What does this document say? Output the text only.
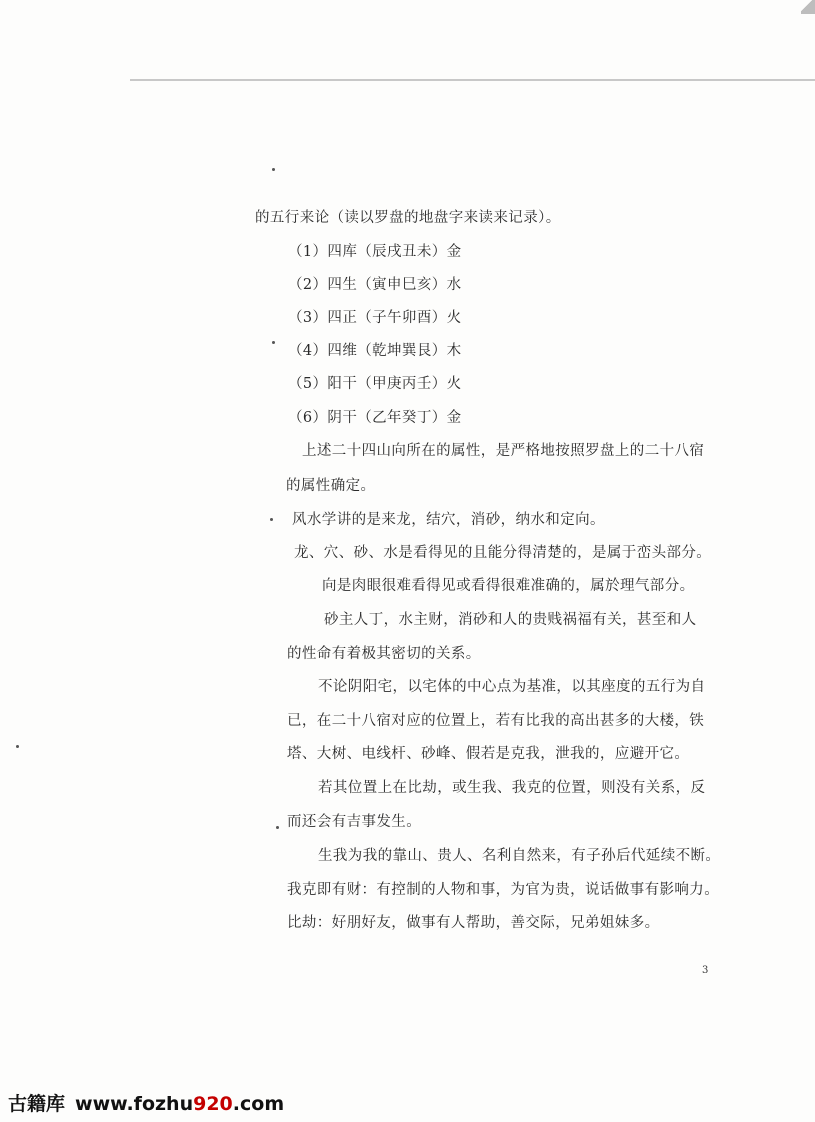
的五行来论（读以罗盘的地盘字来读来记录）。
（1）四库（辰戌丑未）金
（2）四生（寅申巳亥）水
（3）四正（子午卯酉）火
（4）四维（乾坤巽艮）木
（5）阳干（甲庚丙壬）火
（6）阴干（乙年癸丁）金
上述二十四山向所在的属性，是严格地按照罗盘上的二十八宿
的属性确定。
风水学讲的是来龙，结穴，消砂，纳水和定向。
龙、穴、砂、水是看得见的且能分得清楚的，是属于峦头部分。
向是肉眼很难看得见或看得很难准确的，属於理气部分。
砂主人丁，水主财，消砂和人的贵贱祸福有关，甚至和人
的性命有着极其密切的关系。
不论阴阳宅，以宅体的中心点为基准，以其座度的五行为自
已，在二十八宿对应的位置上，若有比我的高出甚多的大楼，铁
塔、大树、电线杆、砂峰、假若是克我，泄我的，应避开它。
若其位置上在比劫，或生我、我克的位置，则没有关系，反
而还会有吉事发生。
生我为我的靠山、贵人、名利自然来，有子孙后代延续不断。
我克即有财：有控制的人物和事，为官为贵，说话做事有影响力。
比劫：好朋好友，做事有人帮助，善交际，兄弟姐妹多。
3
古籍库 www.fozhu920.com
